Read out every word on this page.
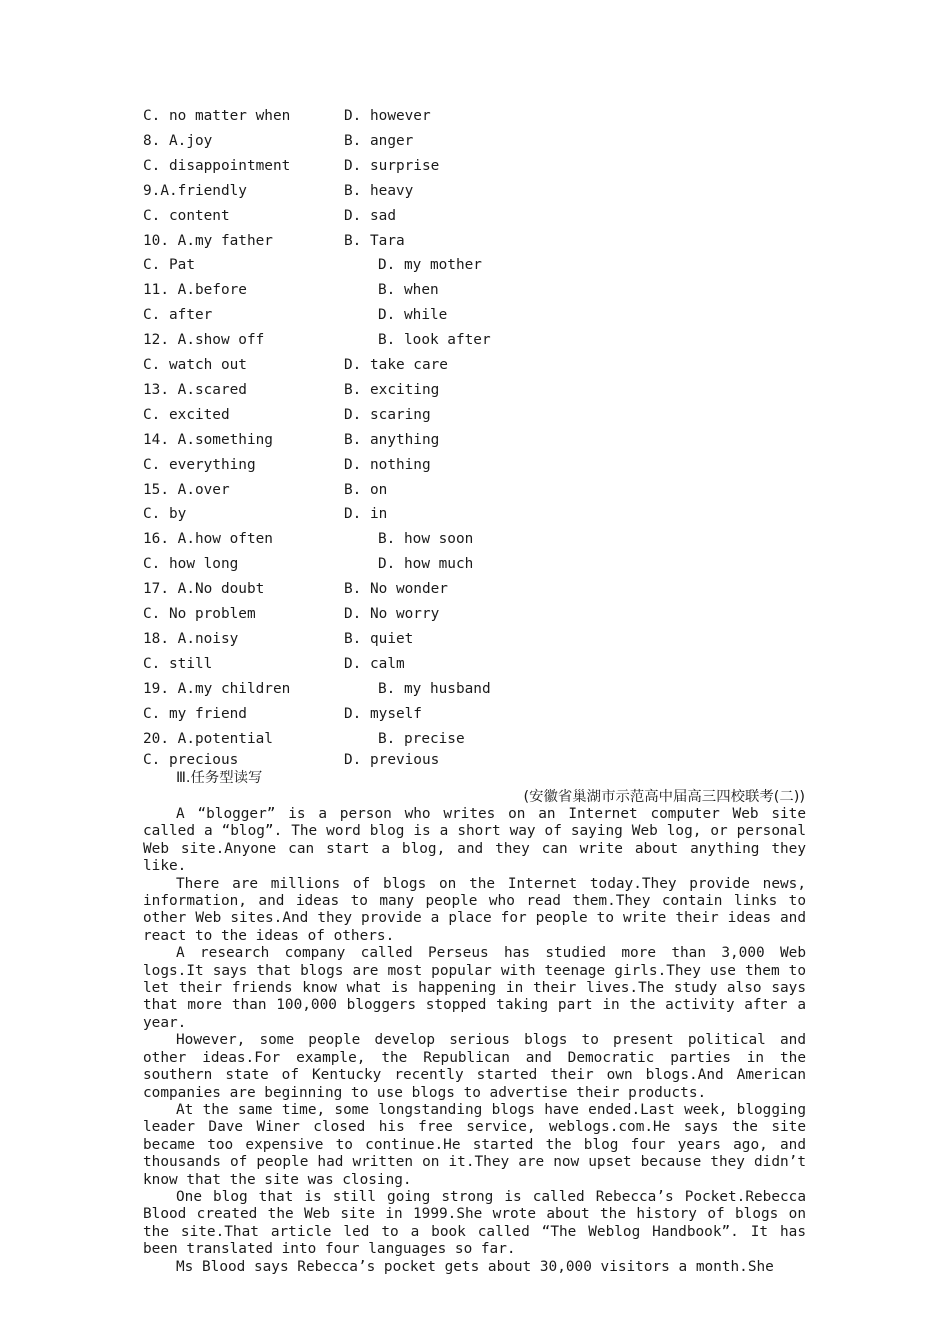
C. no matter when	D. however
8. A.joy	B. anger
C. disappointment	D. surprise
9.A.friendly	B. heavy
C. content	D. sad
10. A.my father	B. Tara
C. Pat	D. my mother
11. A.before	B. when
C. after	D. while
12. A.show off	B. look after
C. watch out	D. take care
13. A.scared	B. exciting
C. excited	D. scaring
14. A.something	B. anything
C. everything	D. nothing
15. A.over	B. on
C. by	D. in
16. A.how often	B. how soon
C. how long	D. how much
17. A.No doubt	B. No wonder
C. No problem	D. No worry
18. A.noisy	B. quiet
C. still	D. calm
19. A.my children	B. my husband
C. my friend	D. myself
20. A.potential	B. precise
C. precious	D. previous
Ⅲ.任务型读写
(安徽省巢湖市示范高中届高三四校联考(二))

A “blogger” is a person who writes on an Internet computer Web site called a “blog”. The word blog is a short way of saying Web log, or personal Web site.Anyone can start a blog, and they can write about anything they like.

There are millions of blogs on the Internet today.They provide news, information, and ideas to many people who read them.They contain links to other Web sites.And they provide a place for people to write their ideas and react to the ideas of others.

A research company called Perseus has studied more than 3,000 Web logs.It says that blogs are most popular with teenage girls.They use them to let their friends know what is happening in their lives.The study also says that more than 100,000 bloggers stopped taking part in the activity after a year.

However, some people develop serious blogs to present political and other ideas.For example, the Republican and Democratic parties in the southern state of Kentucky recently started their own blogs.And American companies are beginning to use blogs to advertise their products.

At the same time, some longstanding blogs have ended.Last week, blogging leader Dave Winer closed his free service, weblogs.com.He says the site became too expensive to continue.He started the blog four years ago, and thousands of people had written on it.They are now upset because they didn’t know that the site was closing.

One blog that is still going strong is called Rebecca’s Pocket.Rebecca Blood created the Web site in 1999.She wrote about the history of blogs on the site.That article led to a book called “The Weblog Handbook”. It has been translated into four languages so far.

Ms Blood says Rebecca’s pocket gets about 30,000 visitors a month.She
